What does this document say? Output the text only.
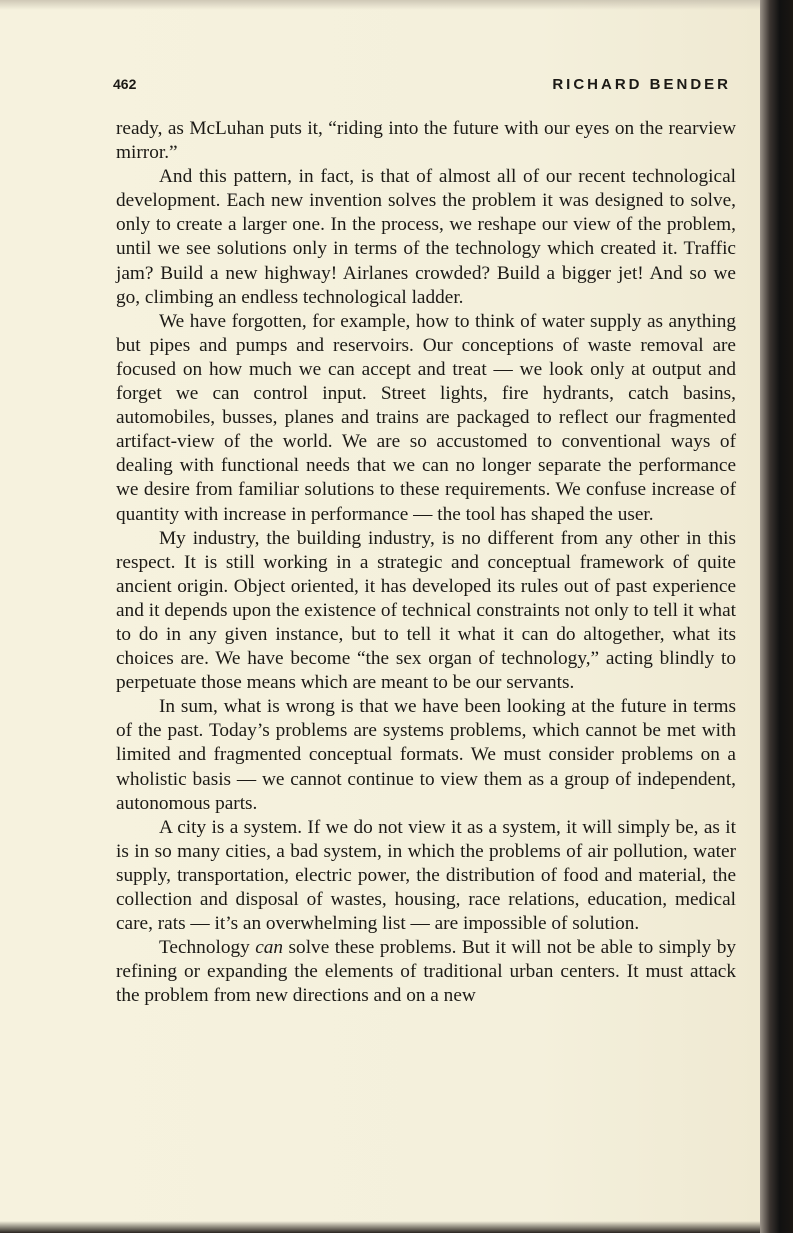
462	RICHARD BENDER

ready, as McLuhan puts it, “riding into the future with our eyes on the rearview mirror.”

And this pattern, in fact, is that of almost all of our recent technological development. Each new invention solves the problem it was designed to solve, only to create a larger one. In the process, we reshape our view of the problem, until we see solutions only in terms of the technology which created it. Traffic jam? Build a new highway! Airlanes crowded? Build a bigger jet! And so we go, climbing an endless technological ladder.

We have forgotten, for example, how to think of water supply as anything but pipes and pumps and reservoirs. Our conceptions of waste removal are focused on how much we can accept and treat — we look only at output and forget we can control input. Street lights, fire hydrants, catch basins, automobiles, busses, planes and trains are packaged to reflect our fragmented artifact-view of the world. We are so accustomed to conventional ways of dealing with functional needs that we can no longer separate the performance we desire from familiar solutions to these requirements. We confuse increase of quantity with increase in performance — the tool has shaped the user.

My industry, the building industry, is no different from any other in this respect. It is still working in a strategic and conceptual framework of quite ancient origin. Object oriented, it has developed its rules out of past experience and it depends upon the existence of technical constraints not only to tell it what to do in any given instance, but to tell it what it can do altogether, what its choices are. We have become “the sex organ of technology,” acting blindly to perpetuate those means which are meant to be our servants.

In sum, what is wrong is that we have been looking at the future in terms of the past. Today’s problems are systems problems, which cannot be met with limited and fragmented conceptual formats. We must consider problems on a wholistic basis — we cannot continue to view them as a group of independent, autonomous parts.

A city is a system. If we do not view it as a system, it will simply be, as it is in so many cities, a bad system, in which the problems of air pollution, water supply, transportation, electric power, the distribution of food and material, the collection and disposal of wastes, housing, race relations, education, medical care, rats — it’s an overwhelming list — are impossible of solution.

Technology can solve these problems. But it will not be able to simply by refining or expanding the elements of traditional urban centers. It must attack the problem from new directions and on a new
